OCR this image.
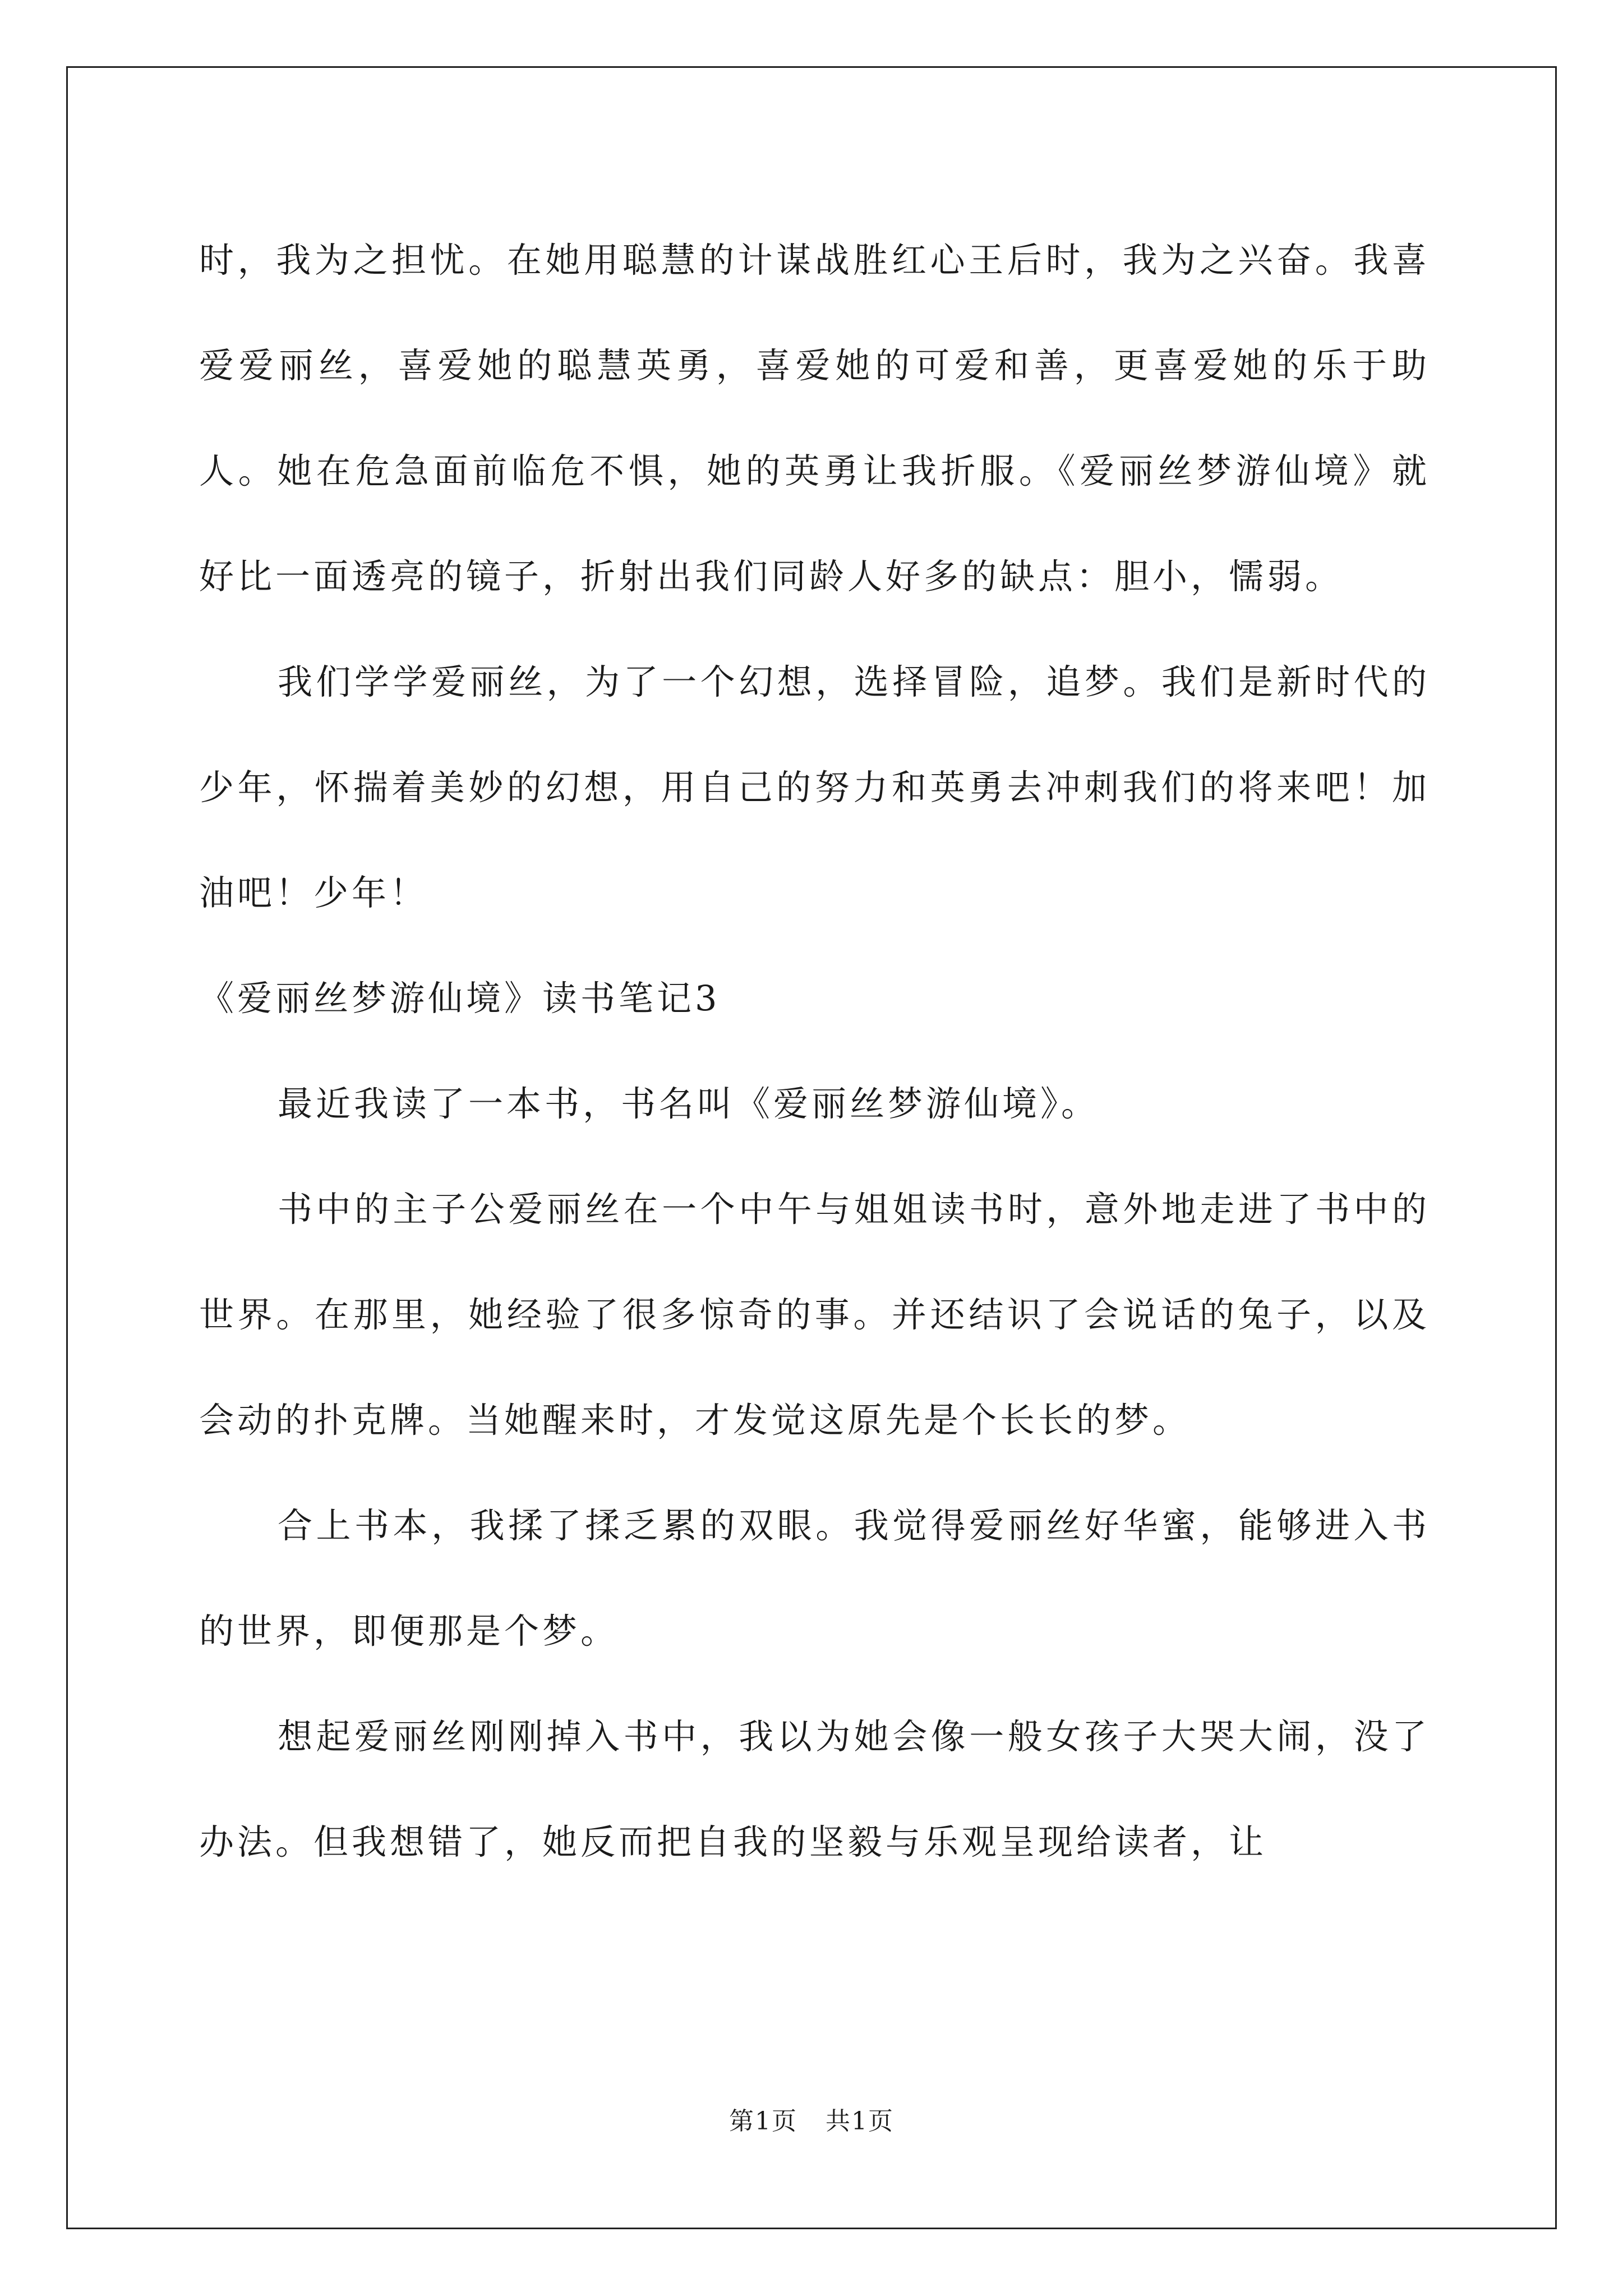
时，我为之担忧。在她用聪慧的计谋战胜红心王后时，我为之兴奋。我喜爱爱丽丝，喜爱她的聪慧英勇，喜爱她的可爱和善，更喜爱她的乐于助人。她在危急面前临危不惧，她的英勇让我折服。《爱丽丝梦游仙境》就好比一面透亮的镜子，折射出我们同龄人好多的缺点：胆小，懦弱。

我们学学爱丽丝，为了一个幻想，选择冒险，追梦。我们是新时代的少年，怀揣着美妙的幻想，用自己的努力和英勇去冲刺我们的将来吧！加油吧！少年！

《爱丽丝梦游仙境》读书笔记3

最近我读了一本书，书名叫《爱丽丝梦游仙境》。

书中的主子公爱丽丝在一个中午与姐姐读书时，意外地走进了书中的世界。在那里，她经验了很多惊奇的事。并还结识了会说话的兔子，以及会动的扑克牌。当她醒来时，才发觉这原先是个长长的梦。

合上书本，我揉了揉乏累的双眼。我觉得爱丽丝好华蜜，能够进入书的世界，即便那是个梦。

想起爱丽丝刚刚掉入书中，我以为她会像一般女孩子大哭大闹，没了办法。但我想错了，她反而把自我的坚毅与乐观呈现给读者，让

第1页 共1页
